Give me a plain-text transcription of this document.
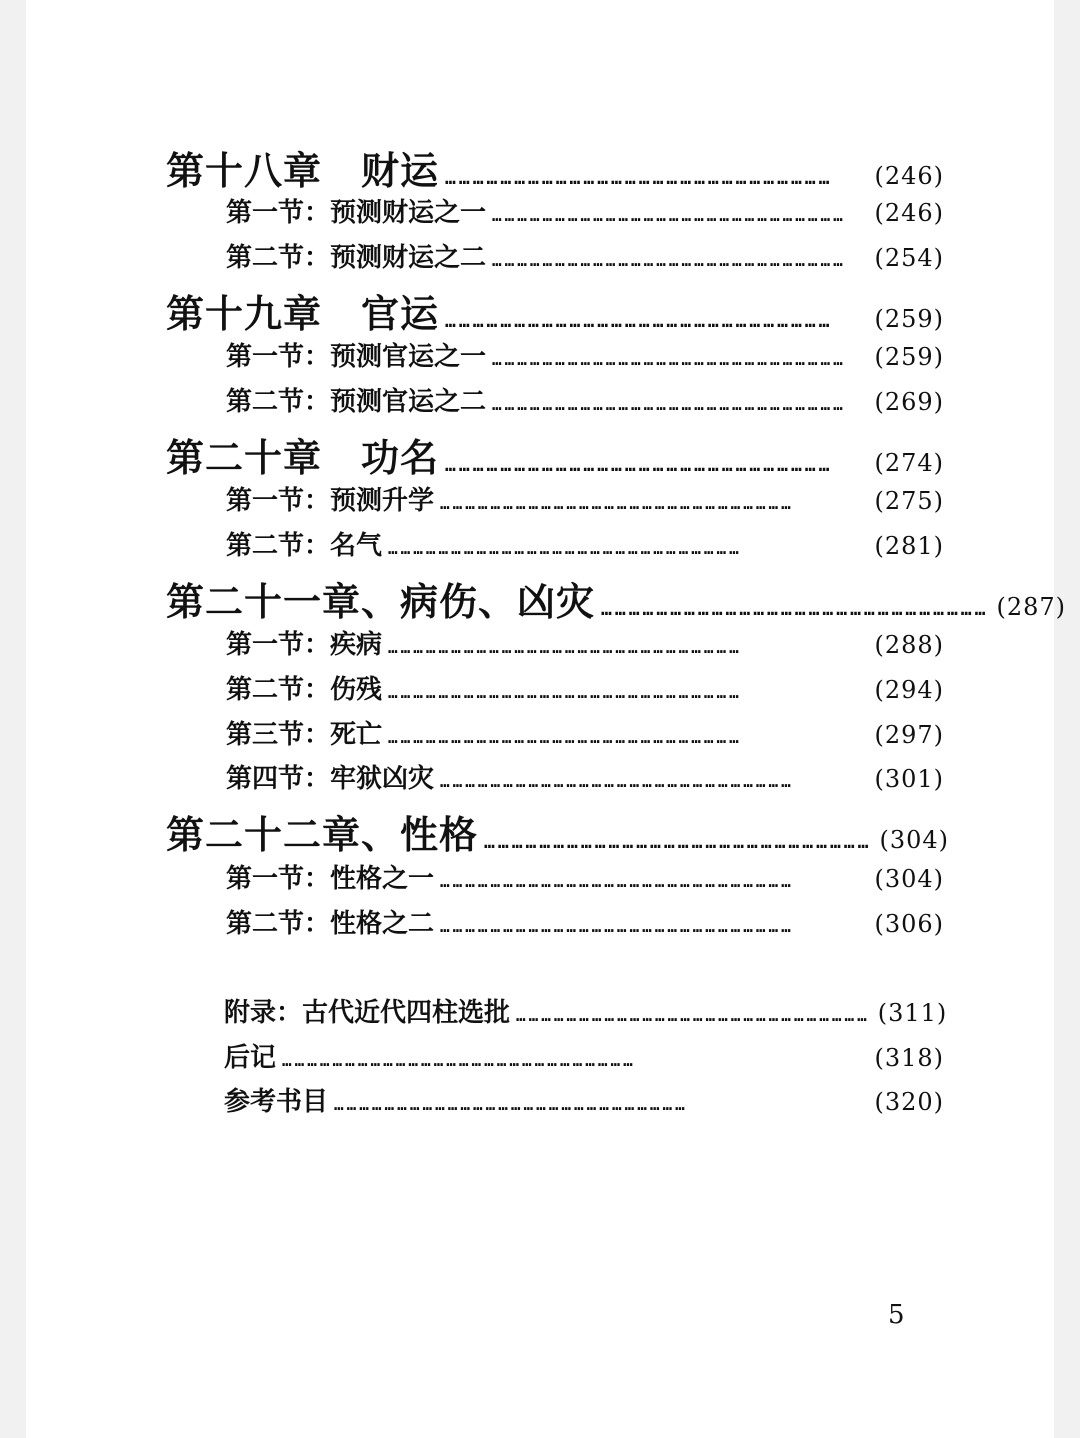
第十八章　财运 …………………………………………………………………………	(246)
第一节：预测财运之一 …………………………………………………………………………	(246)
第二节：预测财运之二 …………………………………………………………………………	(254)
第十九章　官运 …………………………………………………………………………	(259)
第一节：预测官运之一 …………………………………………………………………………	(259)
第二节：预测官运之二 …………………………………………………………………………	(269)
第二十章　功名 …………………………………………………………………………	(274)
第一节：预测升学 …………………………………………………………………………	(275)
第二节：名气 …………………………………………………………………………	(281)
第二十一章、病伤、凶灾 ………………………………………………………………………… (287)
第一节：疾病 …………………………………………………………………………	(288)
第二节：伤残 …………………………………………………………………………	(294)
第三节：死亡 …………………………………………………………………………	(297)
第四节：牢狱凶灾 …………………………………………………………………………	(301)
第二十二章、性格 ………………………………………………………………………… (304)
第一节：性格之一 …………………………………………………………………………	(304)
第二节：性格之二 …………………………………………………………………………	(306)
附录：古代近代四柱选批 ………………………………………………………………………… (311)
后记 …………………………………………………………………………	(318)
参考书目 …………………………………………………………………………	(320)
5
